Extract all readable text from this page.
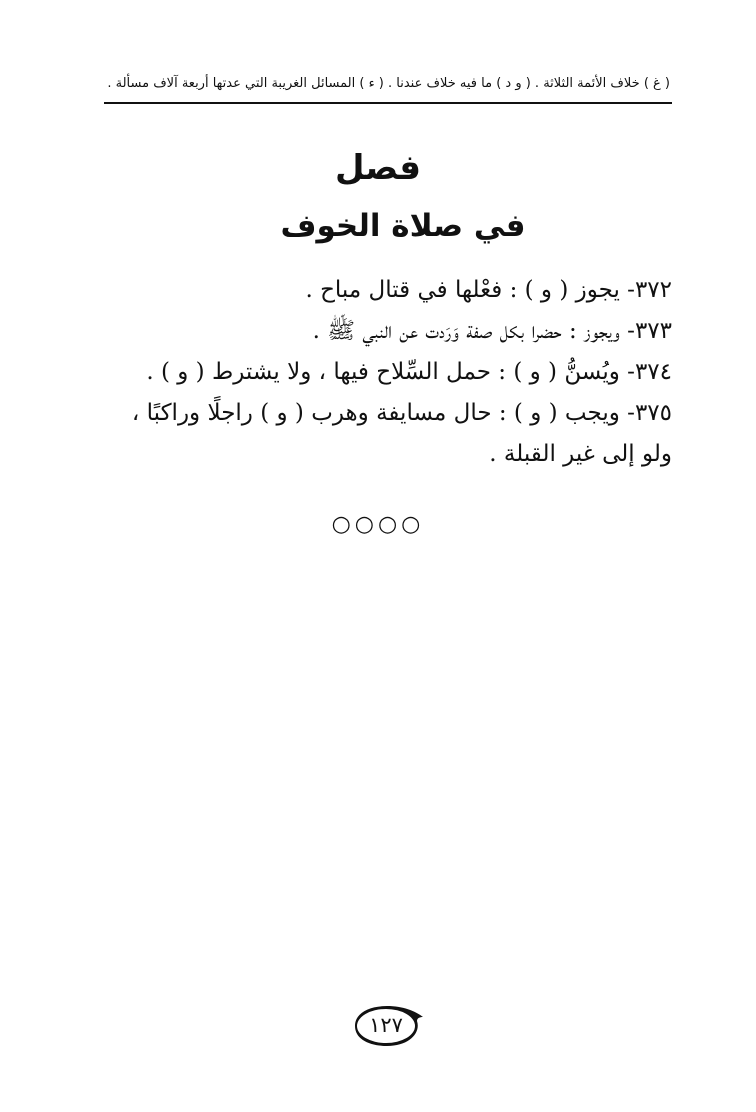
( غ ) خلاف الأئمة الثلاثة . ( و د ) ما فيه خلاف عندنا . ( ء ) المسائل الغريبة التي عدتها أربعة آلاف مسألة .
فصل
في صلاة الخوف

٣٧٢- يجوز ( و ) : فعْلها في قتال مباح .

٣٧٣- ويجوز : حضرا بكل صفة وَرَدت عن النبي ﷺ .

٣٧٤- ويُسنُّ ( و ) : حمل السِّلاح فيها ، ولا يشترط ( و ) .

٣٧٥- ويجب ( و ) : حال مسايفة وهرب ( و ) راجلًا وراكبًا ، ولو إلى غير القبلة .

○○○○
١٢٧
